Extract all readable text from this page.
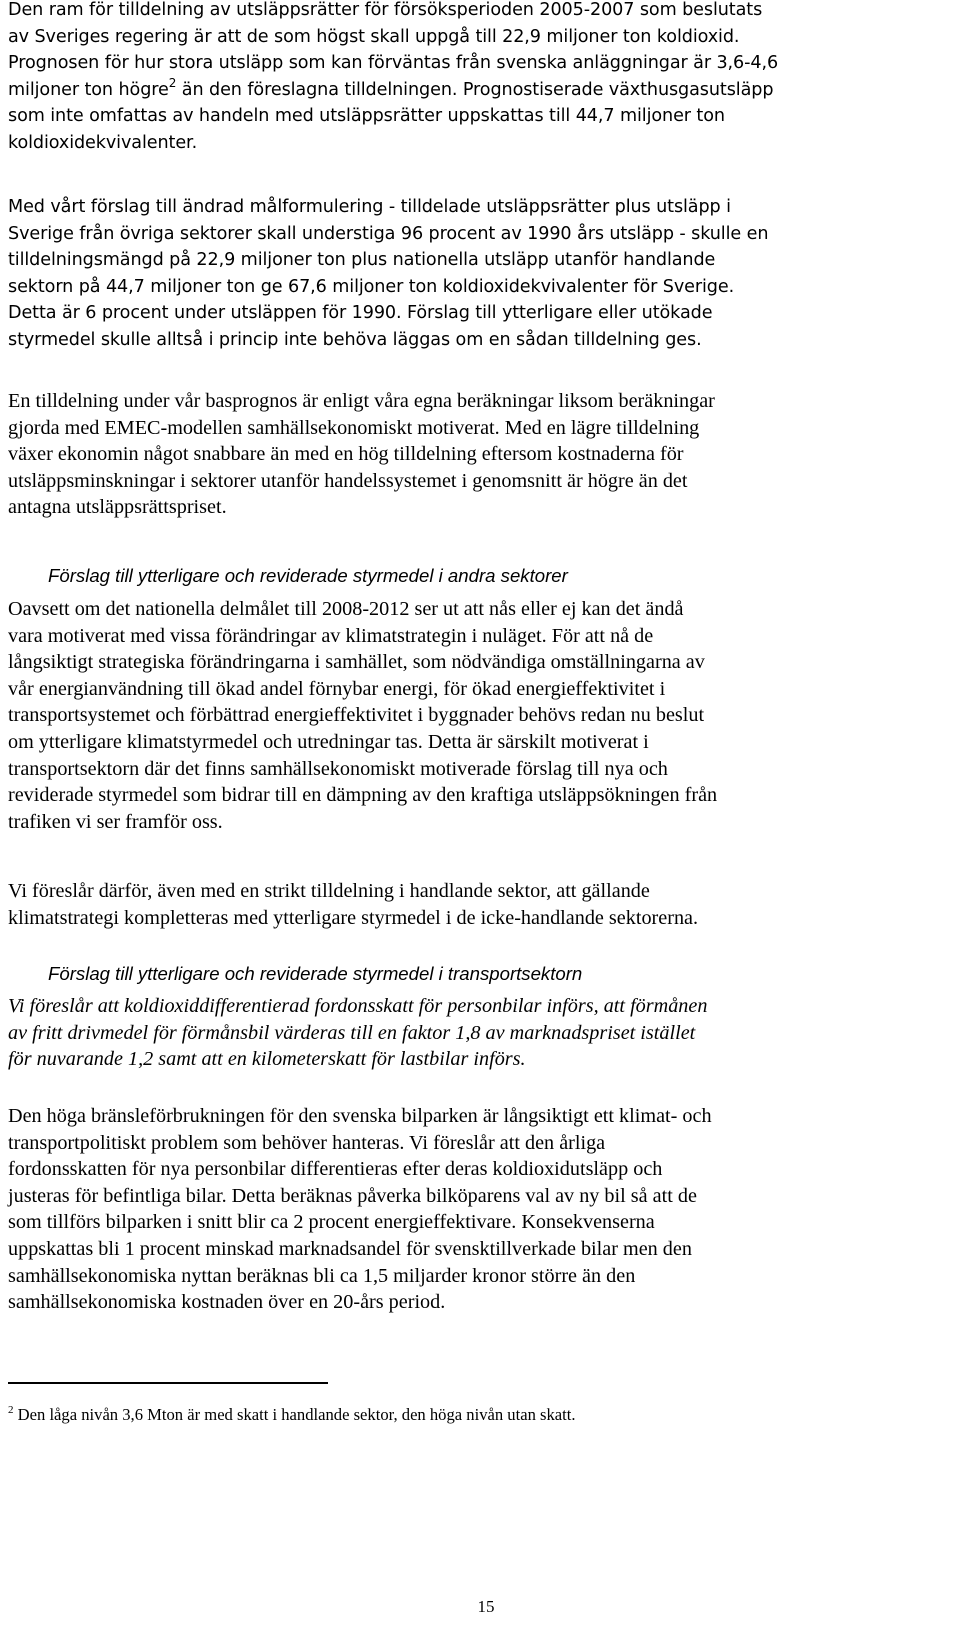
Den ram för tilldelning av utsläppsrätter för försöksperioden 2005-2007 som beslutats
av Sveriges regering är att de som högst skall uppgå till 22,9 miljoner ton koldioxid.
Prognosen för hur stora utsläpp som kan förväntas från svenska anläggningar är 3,6-4,6
miljoner ton högre$^2$ än den föreslagna tilldelningen. Prognostiserade växthusgasutsläpp
som inte omfattas av handeln med utsläppsrätter uppskattas till 44,7 miljoner ton
koldioxidekvivalenter.
Med vårt förslag till ändrad målformulering - tilldelade utsläppsrätter plus utsläpp i
Sverige från övriga sektorer skall understiga 96 procent av 1990 års utsläpp - skulle en
tilldelningsmängd på 22,9 miljoner ton plus nationella utsläpp utanför handlande
sektorn på 44,7 miljoner ton ge 67,6 miljoner ton koldioxidekvivalenter för Sverige.
Detta är 6 procent under utsläppen för 1990. Förslag till ytterligare eller utökade
styrmedel skulle alltså i princip inte behöva läggas om en sådan tilldelning ges.
En tilldelning under vår basprognos är enligt våra egna beräkningar liksom beräkningar
gjorda med EMEC-modellen samhällsekonomiskt motiverat. Med en lägre tilldelning
växer ekonomin något snabbare än med en hög tilldelning eftersom kostnaderna för
utsläppsminskningar i sektorer utanför handelssystemet i genomsnitt är högre än det
antagna utsläppsrättspriset.
Förslag till ytterligare och reviderade styrmedel i andra sektorer
Oavsett om det nationella delmålet till 2008-2012 ser ut att nås eller ej kan det ändå
vara motiverat med vissa förändringar av klimatstrategin i nuläget. För att nå de
långsiktigt strategiska förändringarna i samhället, som nödvändiga omställningarna av
vår energianvändning till ökad andel förnybar energi, för ökad energieffektivitet i
transportsystemet och förbättrad energieffektivitet i byggnader behövs redan nu beslut
om ytterligare klimatstyrmedel och utredningar tas. Detta är särskilt motiverat i
transportsektorn där det finns samhällsekonomiskt motiverade förslag till nya och
reviderade styrmedel som bidrar till en dämpning av den kraftiga utsläppsökningen från
trafiken vi ser framför oss.
Vi föreslår därför, även med en strikt tilldelning i handlande sektor, att gällande
klimatstrategi kompletteras med ytterligare styrmedel i de icke-handlande sektorerna.
Förslag till ytterligare och reviderade styrmedel i transportsektorn
Vi föreslår att koldioxiddifferentierad fordonsskatt för personbilar införs, att förmånen
av fritt drivmedel för förmånsbil värderas till en faktor 1,8 av marknadspriset istället
för nuvarande 1,2 samt att en kilometerskatt för lastbilar införs.
Den höga bränsleförbrukningen för den svenska bilparken är långsiktigt ett klimat- och
transportpolitiskt problem som behöver hanteras. Vi föreslår att den årliga
fordonsskatten för nya personbilar differentieras efter deras koldioxidutsläpp och
justeras för befintliga bilar. Detta beräknas påverka bilköparens val av ny bil så att de
som tillförs bilparken i snitt blir ca 2 procent energieffektivare. Konsekvenserna
uppskattas bli 1 procent minskad marknadsandel för svensktillverkade bilar men den
samhällsekonomiska nyttan beräknas bli ca 1,5 miljarder kronor större än den
samhällsekonomiska kostnaden över en 20-års period.
$^2$ Den låga nivån 3,6 Mton är med skatt i handlande sektor, den höga nivån utan skatt.
15
